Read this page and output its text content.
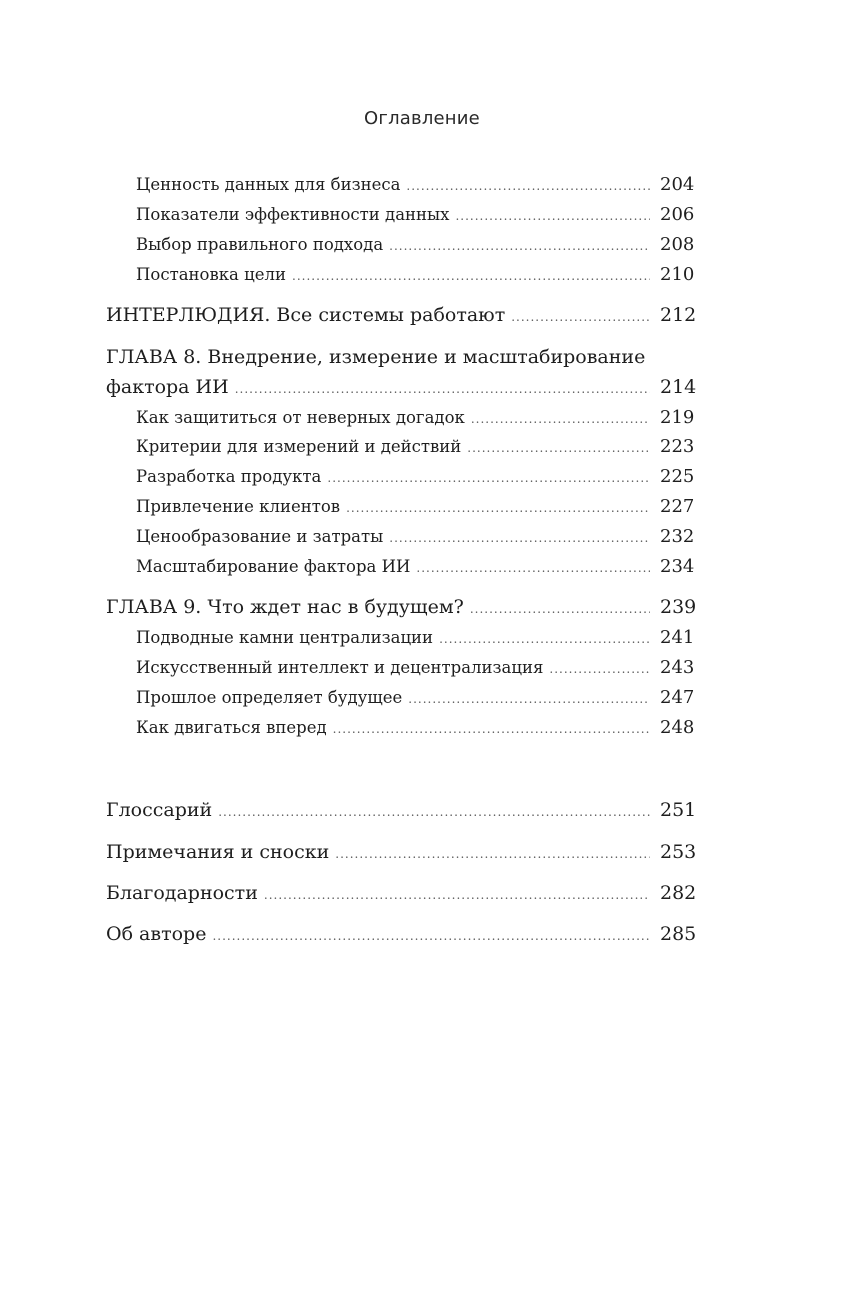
Оглавление
Ценность данных для бизнеса .....	204
Показатели эффективности данных .....	206
Выбор правильного подхода .....	208
Постановка цели .....	210
ИНТЕРЛЮДИЯ. Все системы работают .....	212
ГЛАВА 8. Внедрение, измерение и масштабирование
фактора ИИ .....	214
Как защититься от неверных догадок .....	219
Критерии для измерений и действий .....	223
Разработка продукта .....	225
Привлечение клиентов .....	227
Ценообразование и затраты .....	232
Масштабирование фактора ИИ .....	234
ГЛАВА 9. Что ждет нас в будущем? .....	239
Подводные камни централизации .....	241
Искусственный интеллект и децентрализация .....	243
Прошлое определяет будущее .....	247
Как двигаться вперед .....	248
Глоссарий .....	251
Примечания и сноски .....	253
Благодарности .....	282
Об авторе .....	285
